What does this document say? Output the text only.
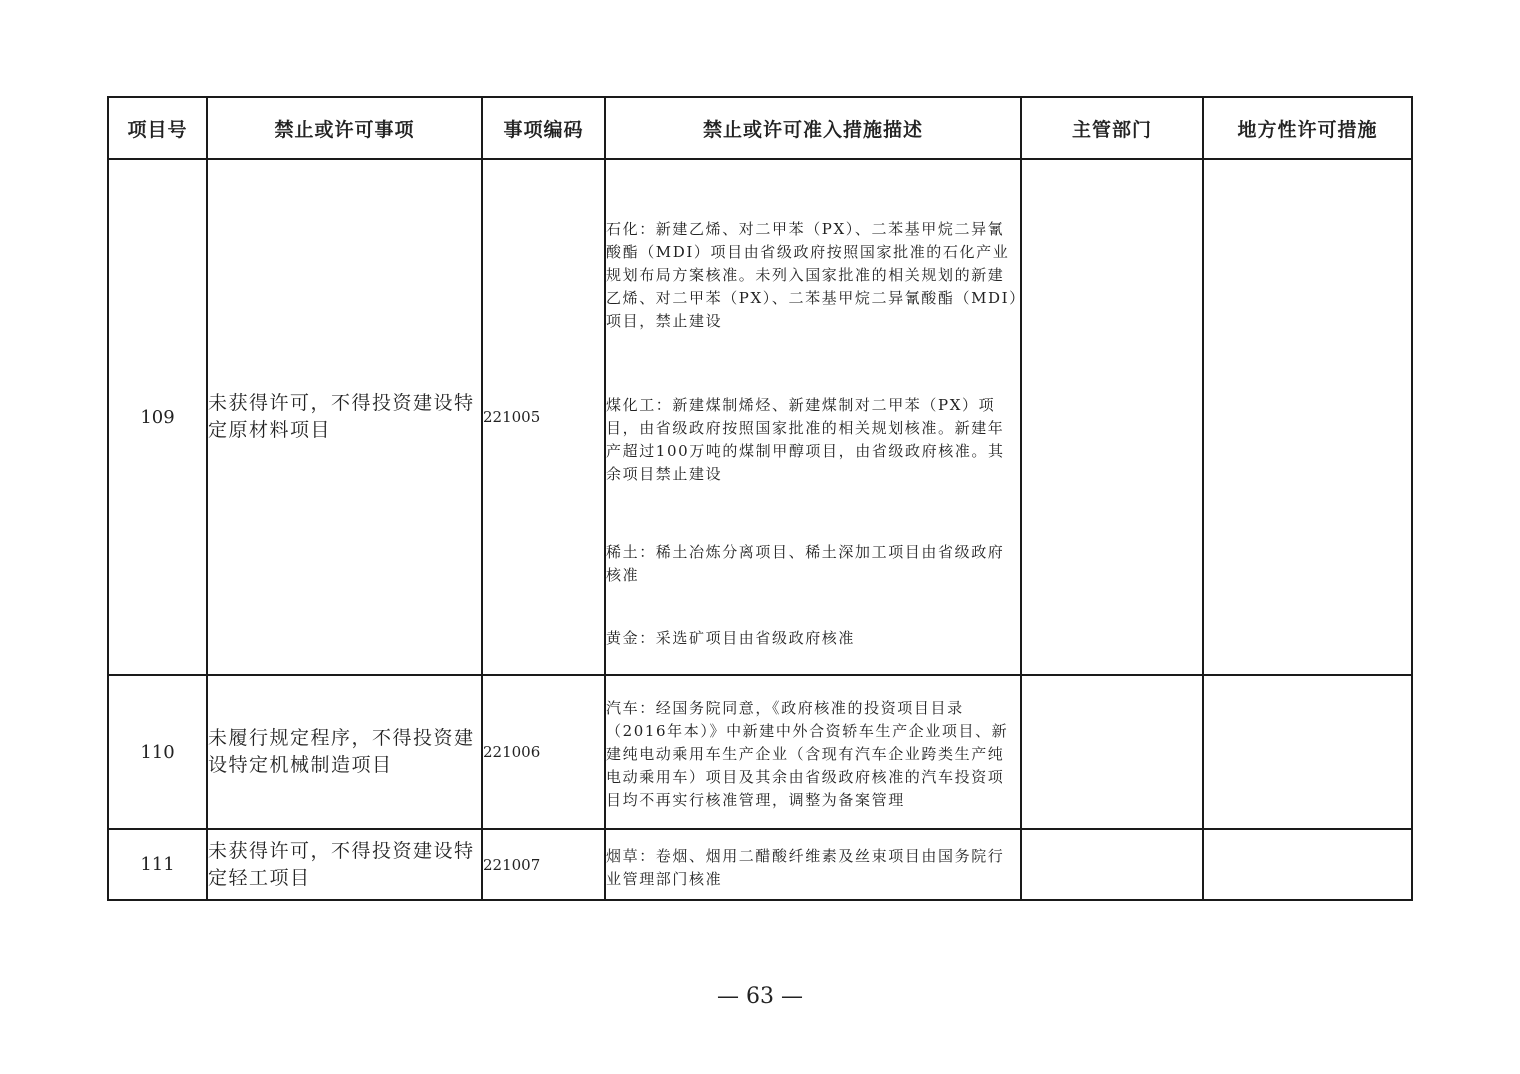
项目号	禁止或许可事项	事项编码	禁止或许可准入措施描述	主管部门	地方性许可措施
109	未获得许可，不得投资建设特定原材料项目	221005	石化：新建乙烯、对二甲苯（PX）、二苯基甲烷二异氰酸酯（MDI）项目由省级政府按照国家批准的石化产业规划布局方案核准。未列入国家批准的相关规划的新建乙烯、对二甲苯（PX）、二苯基甲烷二异氰酸酯（MDI）项目，禁止建设

煤化工：新建煤制烯烃、新建煤制对二甲苯（PX）项目，由省级政府按照国家批准的相关规划核准。新建年产超过100万吨的煤制甲醇项目，由省级政府核准。其余项目禁止建设

稀土：稀土冶炼分离项目、稀土深加工项目由省级政府核准

黄金：采选矿项目由省级政府核准		

110	未履行规定程序，不得投资建设特定机械制造项目	221006	汽车：经国务院同意，《政府核准的投资项目目录（2016年本）》中新建中外合资轿车生产企业项目、新建纯电动乘用车生产企业（含现有汽车企业跨类生产纯电动乘用车）项目及其余由省级政府核准的汽车投资项目均不再实行核准管理，调整为备案管理		

111	未获得许可，不得投资建设特定轻工项目	221007	烟草：卷烟、烟用二醋酸纤维素及丝束项目由国务院行业管理部门核准		

— 63 —
